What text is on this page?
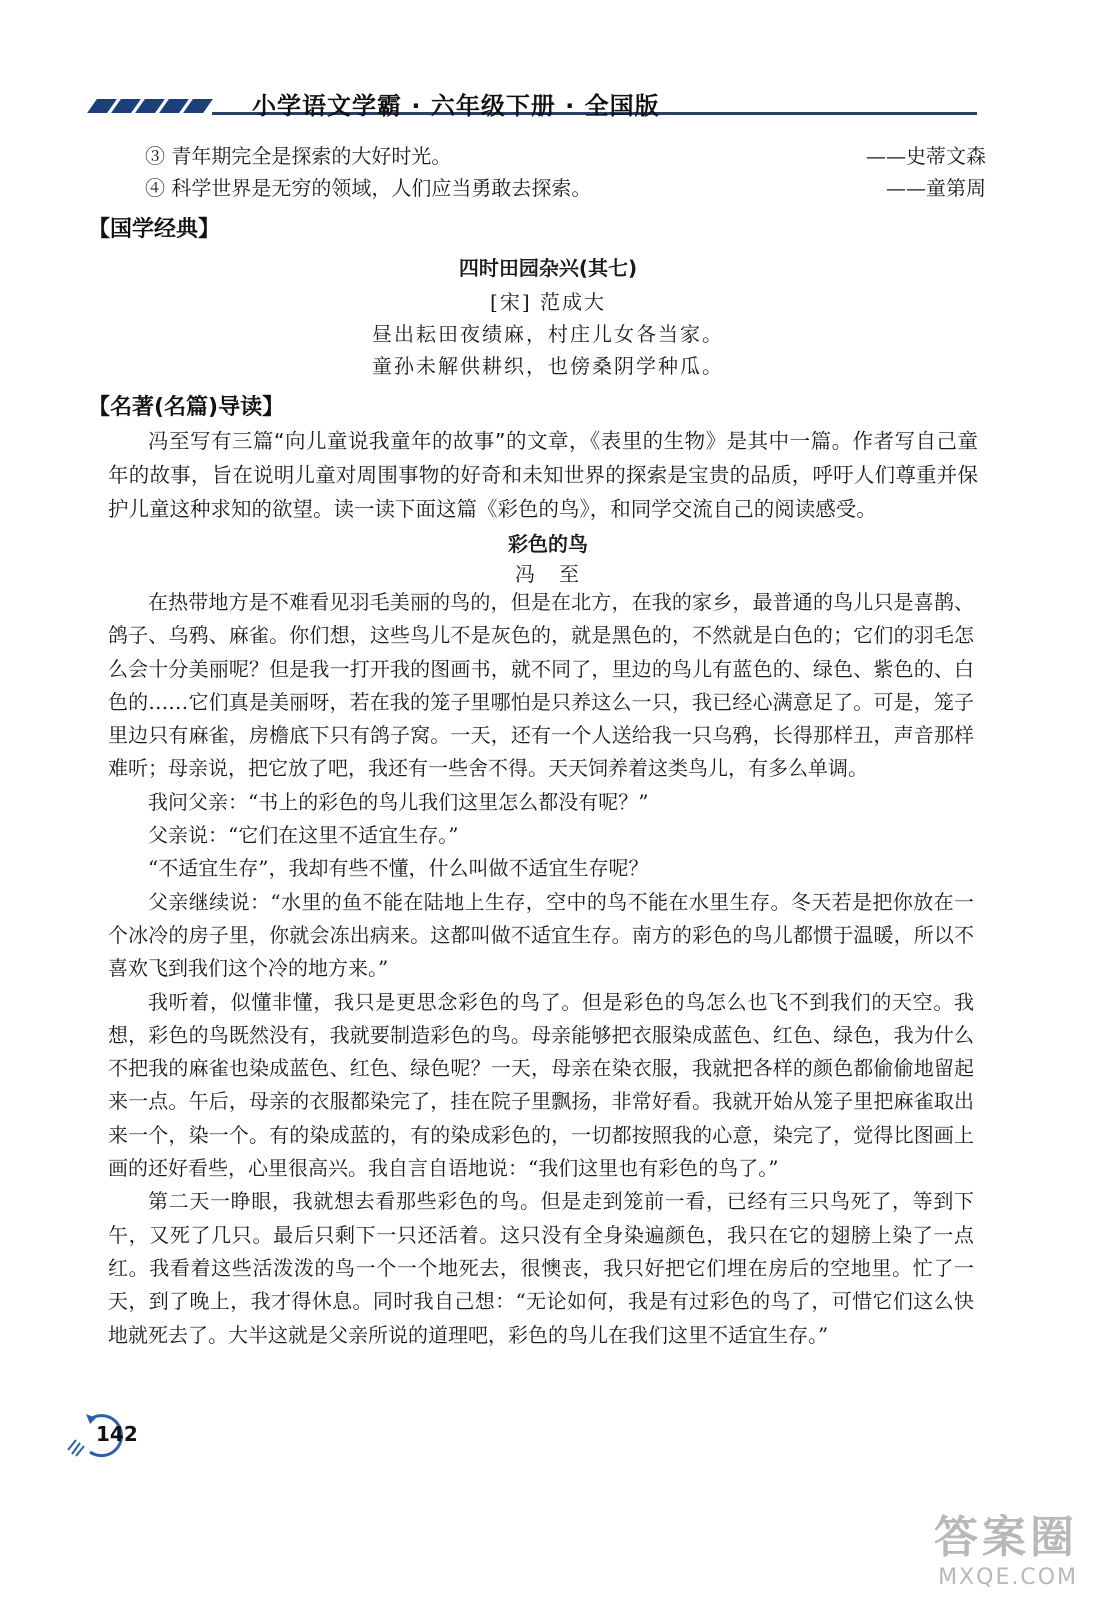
小学语文学霸 · 六年级下册 · 全国版
③ 青年期完全是探索的大好时光。	——史蒂文森
④ 科学世界是无穷的领域，人们应当勇敢去探索。	——童第周
【国学经典】
四时田园杂兴(其七)
[宋] 范成大
昼出耘田夜绩麻，村庄儿女各当家。
童孙未解供耕织，也傍桑阴学种瓜。
【名著(名篇)导读】

冯至写有三篇“向儿童说我童年的故事”的文章，《表里的生物》是其中一篇。作者写自己童年的故事，旨在说明儿童对周围事物的好奇和未知世界的探索是宝贵的品质，呼吁人们尊重并保护儿童这种求知的欲望。读一读下面这篇《彩色的鸟》，和同学交流自己的阅读感受。

彩色的鸟
冯　至

在热带地方是不难看见羽毛美丽的鸟的，但是在北方，在我的家乡，最普通的鸟儿只是喜鹊、鸽子、乌鸦、麻雀。你们想，这些鸟儿不是灰色的，就是黑色的，不然就是白色的；它们的羽毛怎么会十分美丽呢？但是我一打开我的图画书，就不同了，里边的鸟儿有蓝色的、绿色、紫色的、白色的……它们真是美丽呀，若在我的笼子里哪怕是只养这么一只，我已经心满意足了。可是，笼子里边只有麻雀，房檐底下只有鸽子窝。一天，还有一个人送给我一只乌鸦，长得那样丑，声音那样难听；母亲说，把它放了吧，我还有一些舍不得。天天饲养着这类鸟儿，有多么单调。

我问父亲：“书上的彩色的鸟儿我们这里怎么都没有呢？”

父亲说：“它们在这里不适宜生存。”

“不适宜生存”，我却有些不懂，什么叫做不适宜生存呢？

父亲继续说：“水里的鱼不能在陆地上生存，空中的鸟不能在水里生存。冬天若是把你放在一个冰冷的房子里，你就会冻出病来。这都叫做不适宜生存。南方的彩色的鸟儿都惯于温暖，所以不喜欢飞到我们这个冷的地方来。”

我听着，似懂非懂，我只是更思念彩色的鸟了。但是彩色的鸟怎么也飞不到我们的天空。我想，彩色的鸟既然没有，我就要制造彩色的鸟。母亲能够把衣服染成蓝色、红色、绿色，我为什么不把我的麻雀也染成蓝色、红色、绿色呢？一天，母亲在染衣服，我就把各样的颜色都偷偷地留起来一点。午后，母亲的衣服都染完了，挂在院子里飘扬，非常好看。我就开始从笼子里把麻雀取出来一个，染一个。有的染成蓝的，有的染成彩色的，一切都按照我的心意，染完了，觉得比图画上画的还好看些，心里很高兴。我自言自语地说：“我们这里也有彩色的鸟了。”

第二天一睁眼，我就想去看那些彩色的鸟。但是走到笼前一看，已经有三只鸟死了，等到下午，又死了几只。最后只剩下一只还活着。这只没有全身染遍颜色，我只在它的翅膀上染了一点红。我看着这些活泼泼的鸟一个一个地死去，很懊丧，我只好把它们埋在房后的空地里。忙了一天，到了晚上，我才得休息。同时我自己想：“无论如何，我是有过彩色的鸟了，可惜它们这么快地就死去了。大半这就是父亲所说的道理吧，彩色的鸟儿在我们这里不适宜生存。”

142
答案圈
MXQE.COM
